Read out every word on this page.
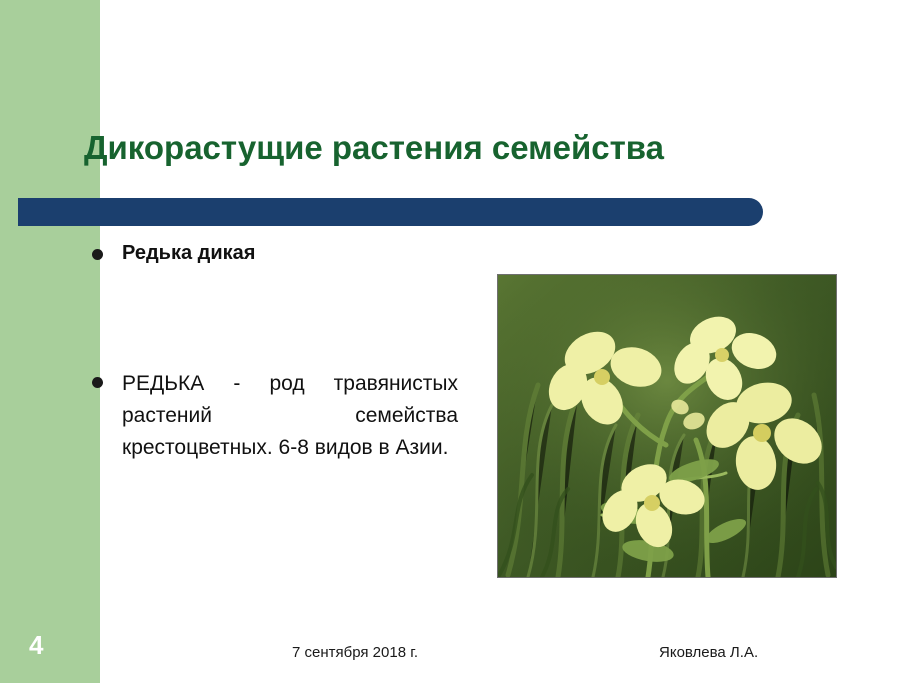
Дикорастущие растения семейства
Редька дикая
РЕДЬКА - род травянистых растений семейства крестоцветных. 6-8 видов в Азии.
4	7 сентября 2018 г.	Яковлева Л.А.
